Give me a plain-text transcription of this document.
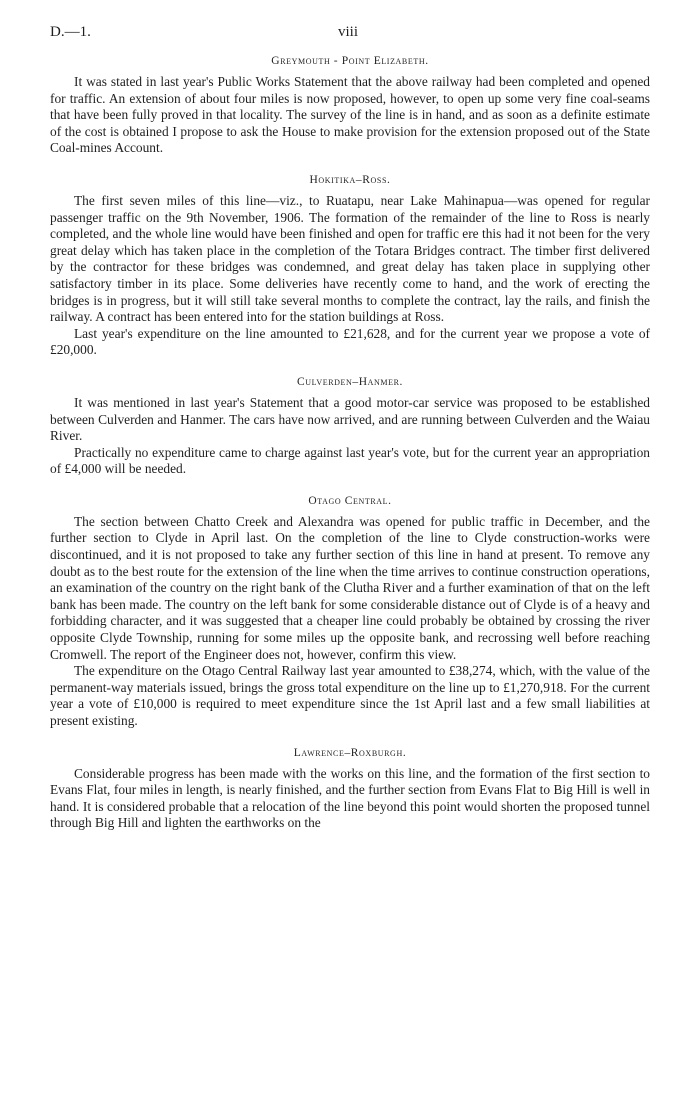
D.—1.	viii
Greymouth - Point Elizabeth.

It was stated in last year's Public Works Statement that the above railway had been completed and opened for traffic. An extension of about four miles is now proposed, however, to open up some very fine coal-seams that have been fully proved in that locality. The survey of the line is in hand, and as soon as a definite estimate of the cost is obtained I propose to ask the House to make provision for the extension proposed out of the State Coal-mines Account.

Hokitika–Ross.

The first seven miles of this line—viz., to Ruatapu, near Lake Mahinapua—was opened for regular passenger traffic on the 9th November, 1906. The formation of the remainder of the line to Ross is nearly completed, and the whole line would have been finished and open for traffic ere this had it not been for the very great delay which has taken place in the completion of the Totara Bridges contract. The timber first delivered by the contractor for these bridges was condemned, and great delay has taken place in supplying other satisfactory timber in its place. Some deliveries have recently come to hand, and the work of erecting the bridges is in progress, but it will still take several months to complete the contract, lay the rails, and finish the railway. A contract has been entered into for the station buildings at Ross.

Last year's expenditure on the line amounted to £21,628, and for the current year we propose a vote of £20,000.

Culverden–Hanmer.

It was mentioned in last year's Statement that a good motor-car service was proposed to be established between Culverden and Hanmer. The cars have now arrived, and are running between Culverden and the Waiau River.

Practically no expenditure came to charge against last year's vote, but for the current year an appropriation of £4,000 will be needed.

Otago Central.

The section between Chatto Creek and Alexandra was opened for public traffic in December, and the further section to Clyde in April last. On the completion of the line to Clyde construction-works were discontinued, and it is not proposed to take any further section of this line in hand at present. To remove any doubt as to the best route for the extension of the line when the time arrives to continue construction operations, an examination of the country on the right bank of the Clutha River and a further examination of that on the left bank has been made. The country on the left bank for some considerable distance out of Clyde is of a heavy and forbidding character, and it was suggested that a cheaper line could probably be obtained by crossing the river opposite Clyde Township, running for some miles up the opposite bank, and recrossing well before reaching Cromwell. The report of the Engineer does not, however, confirm this view.

The expenditure on the Otago Central Railway last year amounted to £38,274, which, with the value of the permanent-way materials issued, brings the gross total expenditure on the line up to £1,270,918. For the current year a vote of £10,000 is required to meet expenditure since the 1st April last and a few small liabilities at present existing.

Lawrence–Roxburgh.

Considerable progress has been made with the works on this line, and the formation of the first section to Evans Flat, four miles in length, is nearly finished, and the further section from Evans Flat to Big Hill is well in hand. It is considered probable that a relocation of the line beyond this point would shorten the proposed tunnel through Big Hill and lighten the earthworks on the
